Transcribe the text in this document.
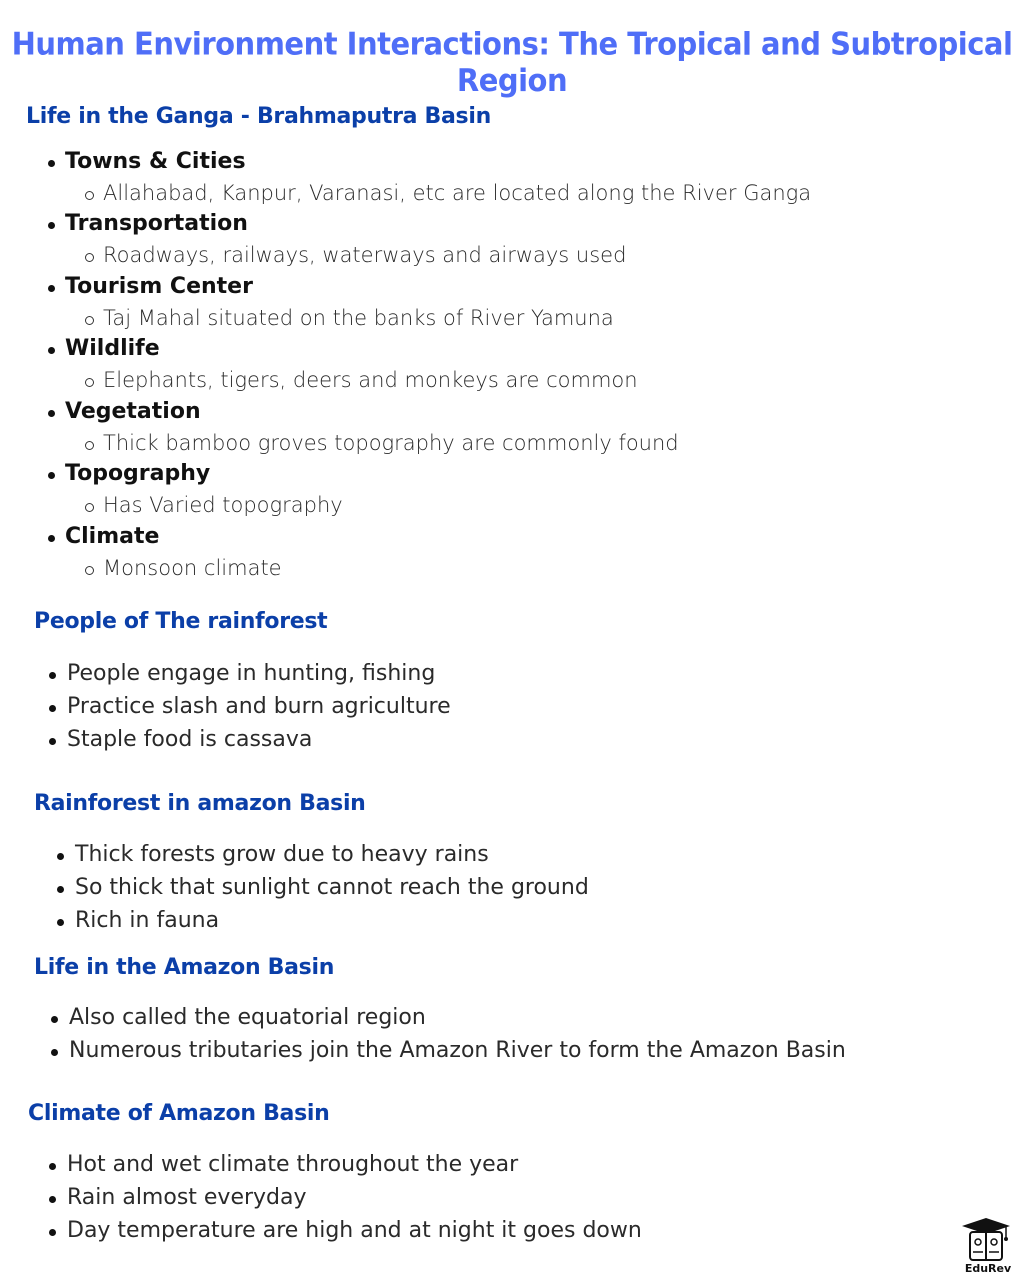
Human Environment Interactions: The Tropical and Subtropical Region
Life in the Ganga - Brahmaputra Basin
Towns & Cities
Allahabad, Kanpur, Varanasi, etc are located along the River Ganga
Transportation
Roadways, railways, waterways and airways used
Tourism Center
Taj Mahal situated on the banks of River Yamuna
Wildlife
Elephants, tigers, deers and monkeys are common
Vegetation
Thick bamboo groves topography are commonly found
Topography
Has Varied topography
Climate
Monsoon climate
People of The rainforest
People engage in hunting, fishing
Practice slash and burn agriculture
Staple food is cassava
Rainforest in amazon Basin
Thick forests grow due to heavy rains
So thick that sunlight cannot reach the ground
Rich in fauna
Life in the Amazon Basin
Also called the equatorial region
Numerous tributaries join the Amazon River to form the Amazon Basin
Climate of Amazon Basin
Hot and wet climate throughout the year
Rain almost everyday
Day temperature are high and at night it goes down
EduRev
